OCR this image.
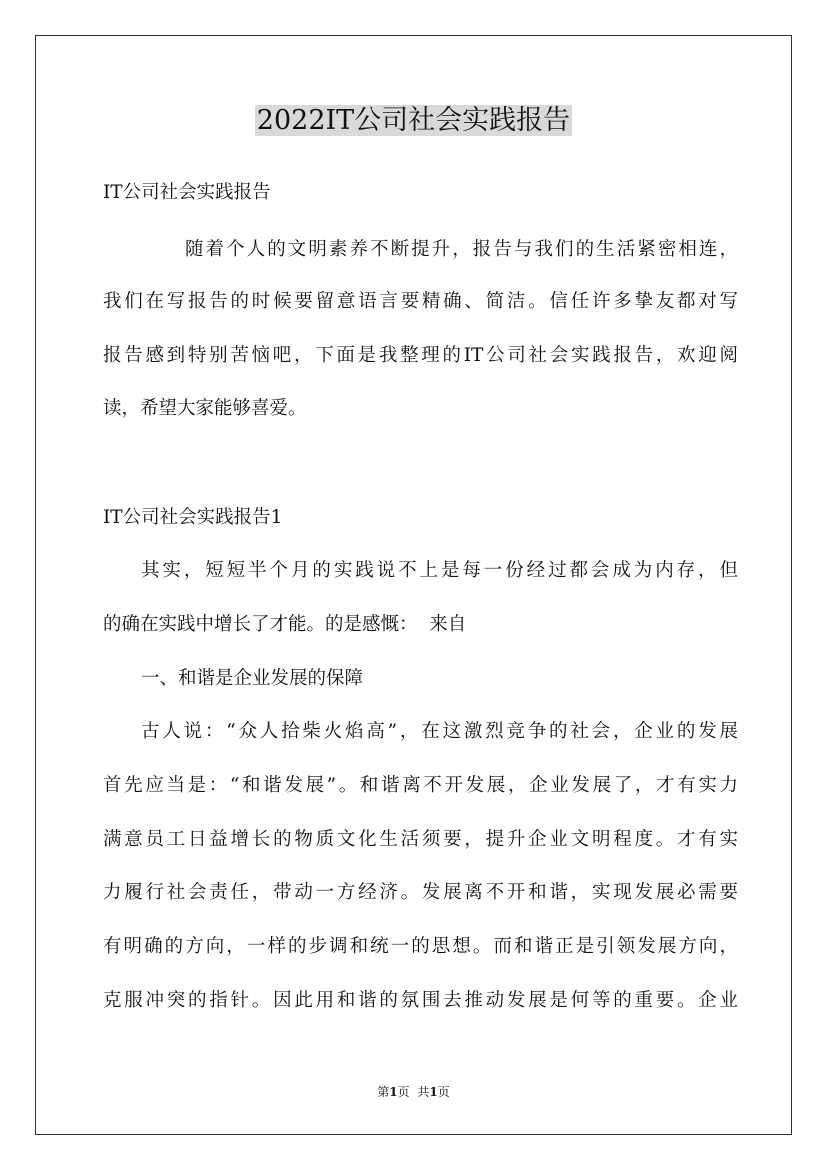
2022IT公司社会实践报告
IT公司社会实践报告
随着个人的文明素养不断提升，报告与我们的生活紧密相连，
我们在写报告的时候要留意语言要精确、简洁。信任许多挚友都对写
报告感到特别苦恼吧，下面是我整理的IT公司社会实践报告，欢迎阅
读，希望大家能够喜爱。
IT公司社会实践报告1
其实，短短半个月的实践说不上是每一份经过都会成为内存，但
的确在实践中增长了才能。的是感慨：  来自
一、和谐是企业发展的保障
古人说：“众人拾柴火焰高”，在这激烈竞争的社会，企业的发展
首先应当是：“和谐发展”。和谐离不开发展，企业发展了，才有实力
满意员工日益增长的物质文化生活须要，提升企业文明程度。才有实
力履行社会责任，带动一方经济。发展离不开和谐，实现发展必需要
有明确的方向，一样的步调和统一的思想。而和谐正是引领发展方向，
克服冲突的指针。因此用和谐的氛围去推动发展是何等的重要。企业
第1页 共1页
